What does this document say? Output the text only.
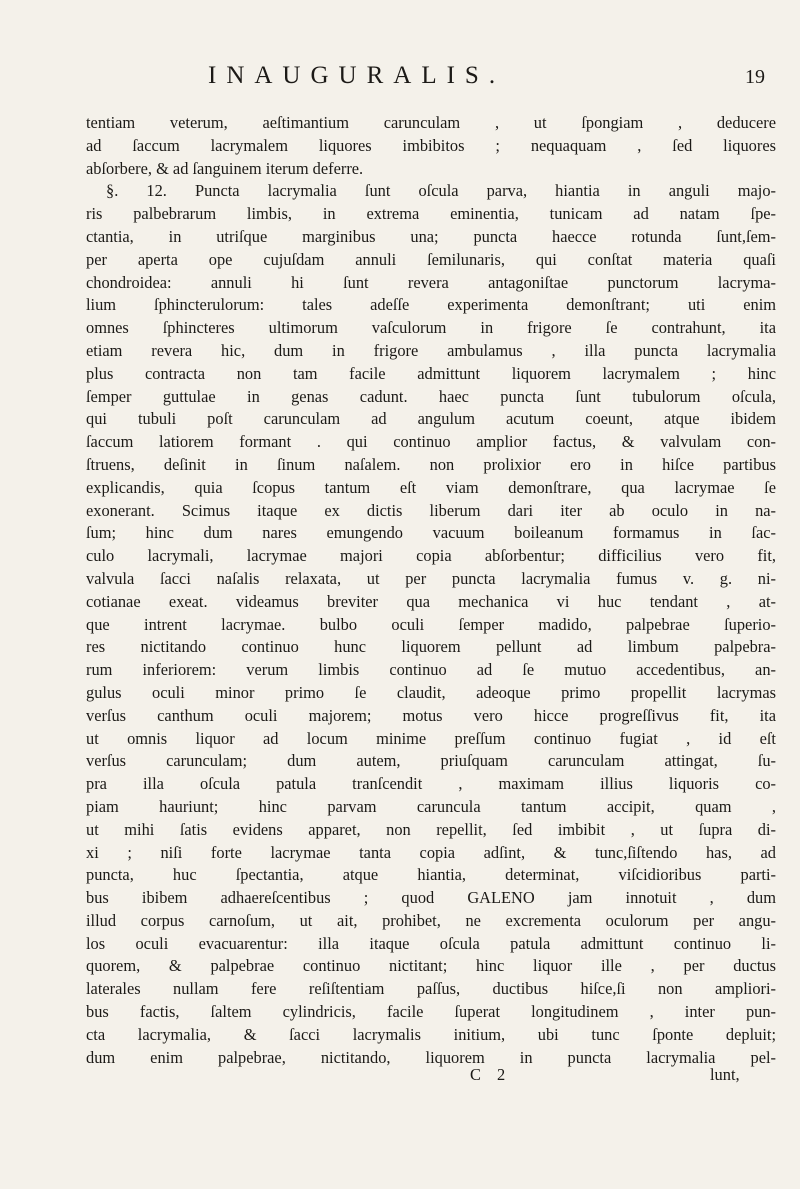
INAUGURALIS.	19
tentiam veterum, aeſtimantium carunculam , ut ſpongiam , deducere
ad ſaccum lacrymalem liquores imbibitos ; nequaquam , ſed liquores
abſorbere, & ad ſanguinem iterum deferre.
§. 12. Puncta lacrymalia ſunt oſcula parva, hiantia in anguli majo-
ris palbebrarum limbis, in extrema eminentia, tunicam ad natam ſpe-
ctantia, in utriſque marginibus una; puncta haecce rotunda ſunt,ſem-
per aperta ope cujuſdam annuli ſemilunaris, qui conſtat materia quaſi
chondroidea: annuli hi ſunt revera antagoniſtae punctorum lacryma-
lium ſphincterulorum: tales adeſſe experimenta demonſtrant; uti enim
omnes ſphincteres ultimorum vaſculorum in frigore ſe contrahunt, ita
etiam revera hic, dum in frigore ambulamus , illa puncta lacrymalia
plus contracta non tam facile admittunt liquorem lacrymalem ; hinc
ſemper guttulae in genas cadunt. haec puncta ſunt tubulorum oſcula,
qui tubuli poſt carunculam ad angulum acutum coeunt, atque ibidem
ſaccum latiorem formant . qui continuo amplior factus, & valvulam con-
ſtruens, deſinit in ſinum naſalem. non prolixior ero in hiſce partibus
explicandis, quia ſcopus tantum eſt viam demonſtrare, qua lacrymae ſe
exonerant. Scimus itaque ex dictis liberum dari iter ab oculo in na-
ſum; hinc dum nares emungendo vacuum boileanum formamus in ſac-
culo lacrymali, lacrymae majori copia abſorbentur; difficilius vero fit,
valvula ſacci naſalis relaxata, ut per puncta lacrymalia fumus v. g. ni-
cotianae exeat. videamus breviter qua mechanica vi huc tendant , at-
que intrent lacrymae. bulbo oculi ſemper madido, palpebrae ſuperio-
res nictitando continuo hunc liquorem pellunt ad limbum palpebra-
rum inferiorem: verum limbis continuo ad ſe mutuo accedentibus, an-
gulus oculi minor primo ſe claudit, adeoque primo propellit lacrymas
verſus canthum oculi majorem; motus vero hicce progreſſivus fit, ita
ut omnis liquor ad locum minime preſſum continuo fugiat , id eſt
verſus carunculam; dum autem, priuſquam carunculam attingat, ſu-
pra illa oſcula patula tranſcendit , maximam illius liquoris co-
piam hauriunt; hinc parvam caruncula tantum accipit, quam ,
ut mihi ſatis evidens apparet, non repellit, ſed imbibit , ut ſupra di-
xi ; niſi forte lacrymae tanta copia adſint, & tunc,ſiſtendo has, ad
puncta, huc ſpectantia, atque hiantia, determinat, viſcidioribus parti-
bus ibibem adhaereſcentibus ; quod GALENO jam innotuit , dum
illud corpus carnoſum, ut ait, prohibet, ne excrementa oculorum per angu-
los oculi evacuarentur: illa itaque oſcula patula admittunt continuo li-
quorem, & palpebrae continuo nictitant; hinc liquor ille , per ductus
laterales nullam fere reſiſtentiam paſſus, ductibus hiſce,ſi non ampliori-
bus factis, ſaltem cylindricis, facile ſuperat longitudinem , inter pun-
cta lacrymalia, & ſacci lacrymalis initium, ubi tunc ſponte depluit;
dum enim palpebrae, nictitando, liquorem in puncta lacrymalia pel-
C 2	lunt,
